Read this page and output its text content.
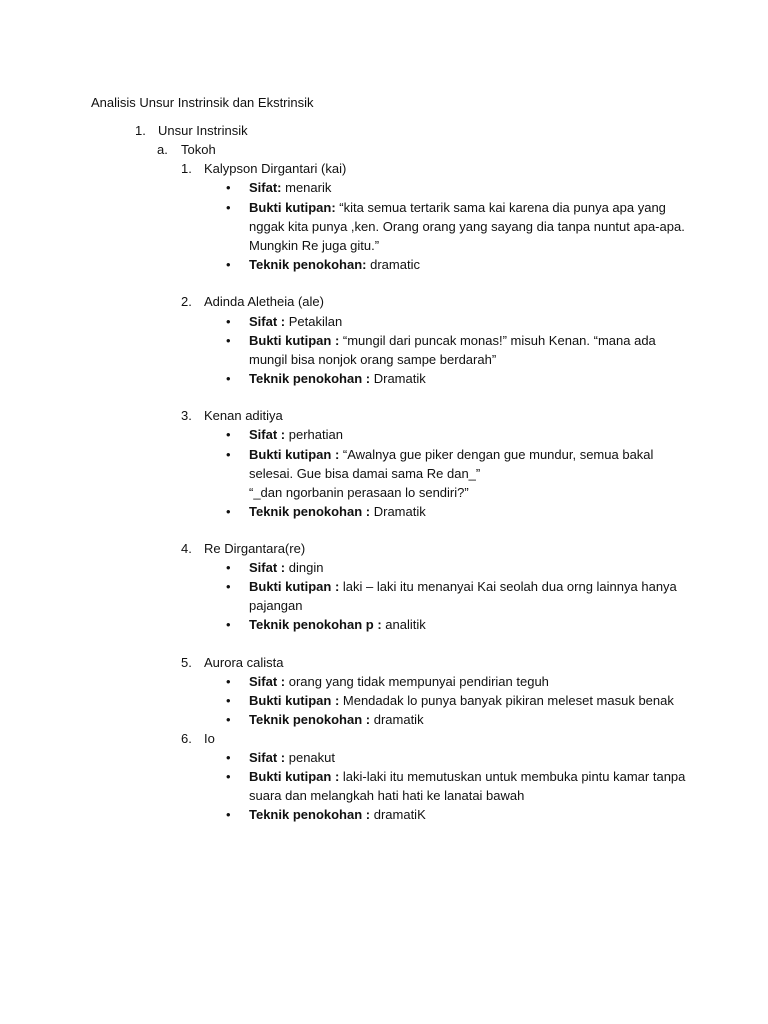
Analisis Unsur Instrinsik dan Ekstrinsik
1. Unsur Instrinsik
a. Tokoh
1. Kalypson Dirgantari (kai)
• Sifat: menarik
• Bukti kutipan: “kita semua tertarik sama kai karena dia punya apa yang
nggak kita punya ,ken. Orang orang yang sayang dia tanpa nuntut apa-apa.
Mungkin Re juga gitu.”
• Teknik penokohan: dramatic
2. Adinda Aletheia (ale)
• Sifat : Petakilan
• Bukti kutipan : “mungil dari puncak monas!” misuh Kenan. “mana ada
mungil bisa nonjok orang sampe berdarah”
• Teknik penokohan : Dramatik
3. Kenan aditiya
• Sifat : perhatian
• Bukti kutipan : “Awalnya gue piker dengan gue mundur, semua bakal
selesai. Gue bisa damai sama Re dan_”
“_dan ngorbanin perasaan lo sendiri?”
• Teknik penokohan : Dramatik
4. Re Dirgantara(re)
• Sifat : dingin
• Bukti kutipan : laki – laki itu menanyai Kai seolah dua orng lainnya hanya
pajangan
• Teknik penokohan p : analitik
5. Aurora calista
• Sifat : orang yang tidak mempunyai pendirian teguh
• Bukti kutipan : Mendadak lo punya banyak pikiran meleset masuk benak
• Teknik penokohan : dramatik
6. Io
• Sifat : penakut
• Bukti kutipan : laki-laki itu memutuskan untuk membuka pintu kamar tanpa
suara dan melangkah hati hati ke lanatai bawah
• Teknik penokohan : dramatiK
